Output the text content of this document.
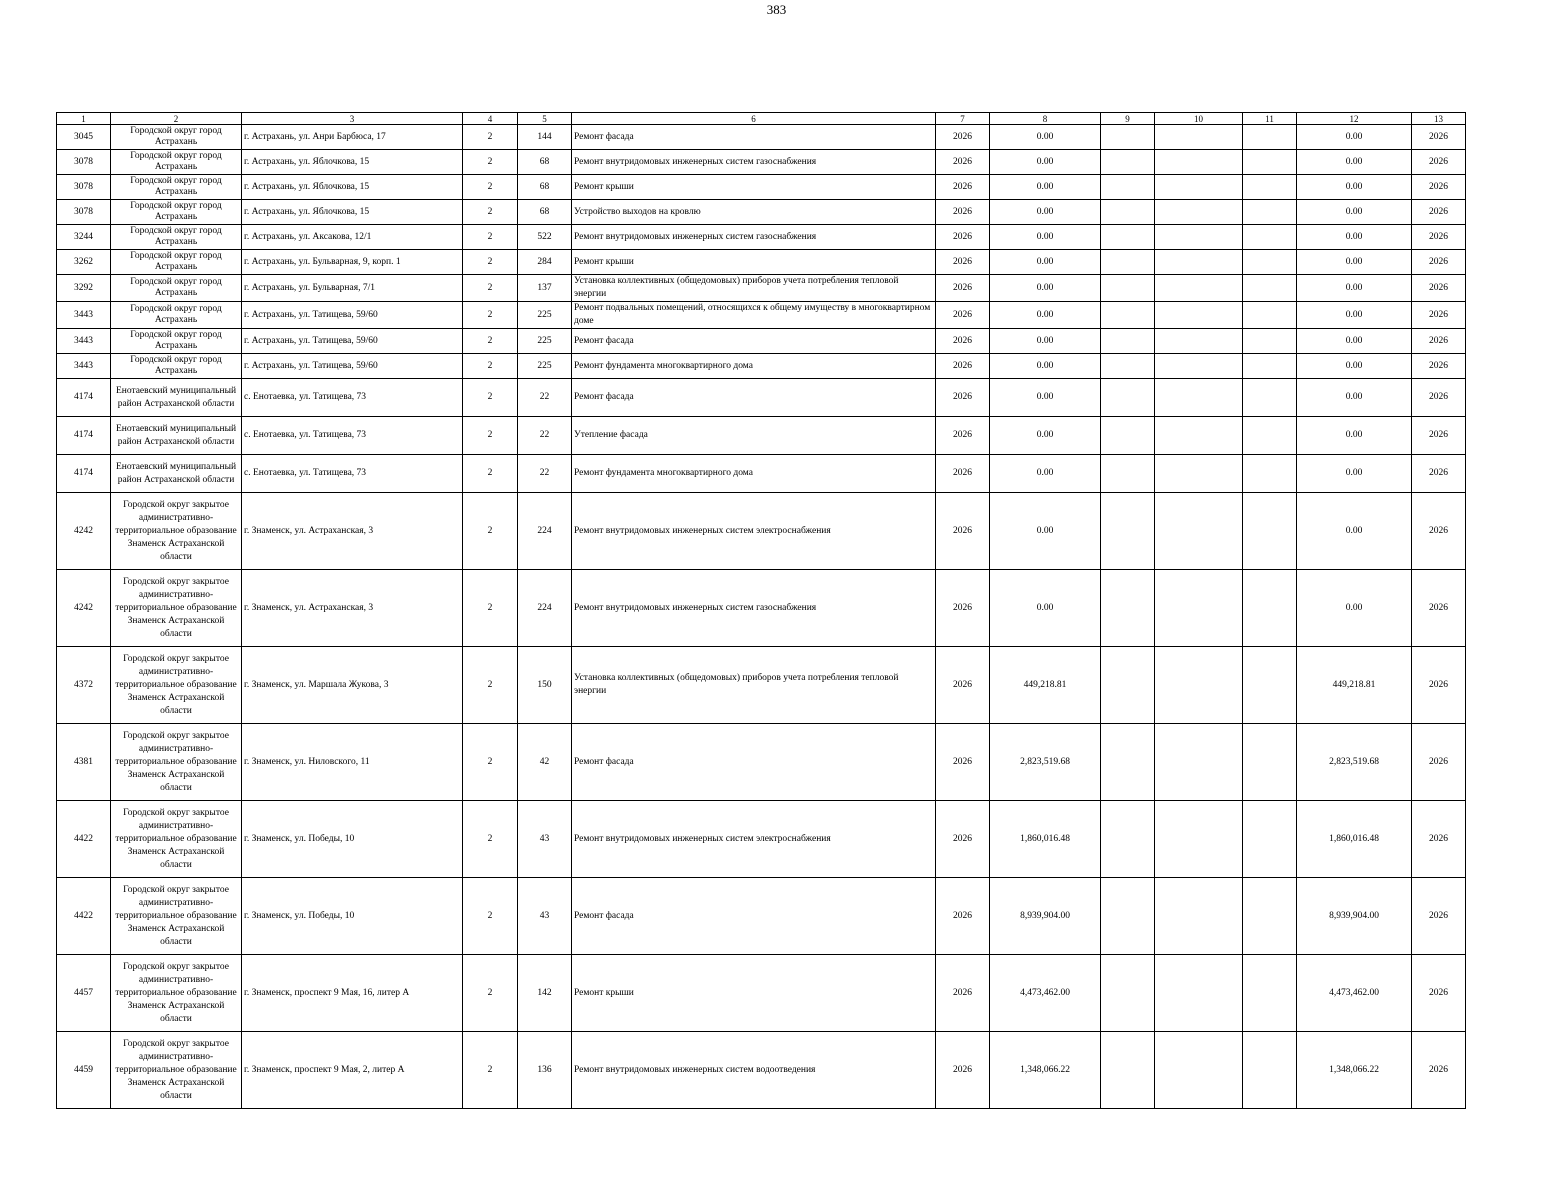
383
1	2	3	4	5	6	7	8	9	10	11	12	13
3045	Городской округ город Астрахань	г. Астрахань, ул. Анри Барбюса, 17	2	144	Ремонт фасада	2026	0.00				0.00	2026
3078	Городской округ город Астрахань	г. Астрахань, ул. Яблочкова, 15	2	68	Ремонт внутридомовых инженерных систем газоснабжения	2026	0.00				0.00	2026
3078	Городской округ город Астрахань	г. Астрахань, ул. Яблочкова, 15	2	68	Ремонт крыши	2026	0.00				0.00	2026
3078	Городской округ город Астрахань	г. Астрахань, ул. Яблочкова, 15	2	68	Устройство выходов на кровлю	2026	0.00				0.00	2026
3244	Городской округ город Астрахань	г. Астрахань, ул. Аксакова, 12/1	2	522	Ремонт внутридомовых инженерных систем газоснабжения	2026	0.00				0.00	2026
3262	Городской округ город Астрахань	г. Астрахань, ул. Бульварная, 9, корп. 1	2	284	Ремонт крыши	2026	0.00				0.00	2026
3292	Городской округ город Астрахань	г. Астрахань, ул. Бульварная, 7/1	2	137	Установка коллективных (общедомовых) приборов учета потребления тепловой энергии	2026	0.00				0.00	2026
3443	Городской округ город Астрахань	г. Астрахань, ул. Татищева, 59/60	2	225	Ремонт подвальных помещений, относящихся к общему имуществу в многоквартирном доме	2026	0.00				0.00	2026
3443	Городской округ город Астрахань	г. Астрахань, ул. Татищева, 59/60	2	225	Ремонт фасада	2026	0.00				0.00	2026
3443	Городской округ город Астрахань	г. Астрахань, ул. Татищева, 59/60	2	225	Ремонт фундамента многоквартирного дома	2026	0.00				0.00	2026
4174	Енотаевский муниципальный район Астраханской области	с. Енотаевка, ул. Татищева, 73	2	22	Ремонт фасада	2026	0.00				0.00	2026
4174	Енотаевский муниципальный район Астраханской области	с. Енотаевка, ул. Татищева, 73	2	22	Утепление фасада	2026	0.00				0.00	2026
4174	Енотаевский муниципальный район Астраханской области	с. Енотаевка, ул. Татищева, 73	2	22	Ремонт фундамента многоквартирного дома	2026	0.00				0.00	2026
4242	Городской округ закрытое административно-территориальное образование Знаменск Астраханской области	г. Знаменск, ул. Астраханская, 3	2	224	Ремонт внутридомовых инженерных систем электроснабжения	2026	0.00				0.00	2026
4242	Городской округ закрытое административно-территориальное образование Знаменск Астраханской области	г. Знаменск, ул. Астраханская, 3	2	224	Ремонт внутридомовых инженерных систем газоснабжения	2026	0.00				0.00	2026
4372	Городской округ закрытое административно-территориальное образование Знаменск Астраханской области	г. Знаменск, ул. Маршала Жукова, 3	2	150	Установка коллективных (общедомовых) приборов учета потребления тепловой энергии	2026	449,218.81				449,218.81	2026
4381	Городской округ закрытое административно-территориальное образование Знаменск Астраханской области	г. Знаменск, ул. Ниловского, 11	2	42	Ремонт фасада	2026	2,823,519.68				2,823,519.68	2026
4422	Городской округ закрытое административно-территориальное образование Знаменск Астраханской области	г. Знаменск, ул. Победы, 10	2	43	Ремонт внутридомовых инженерных систем электроснабжения	2026	1,860,016.48				1,860,016.48	2026
4422	Городской округ закрытое административно-территориальное образование Знаменск Астраханской области	г. Знаменск, ул. Победы, 10	2	43	Ремонт фасада	2026	8,939,904.00				8,939,904.00	2026
4457	Городской округ закрытое административно-территориальное образование Знаменск Астраханской области	г. Знаменск, проспект 9 Мая, 16, литер А	2	142	Ремонт крыши	2026	4,473,462.00				4,473,462.00	2026
4459	Городской округ закрытое административно-территориальное образование Знаменск Астраханской области	г. Знаменск, проспект 9 Мая, 2, литер А	2	136	Ремонт внутридомовых инженерных систем водоотведения	2026	1,348,066.22				1,348,066.22	2026
